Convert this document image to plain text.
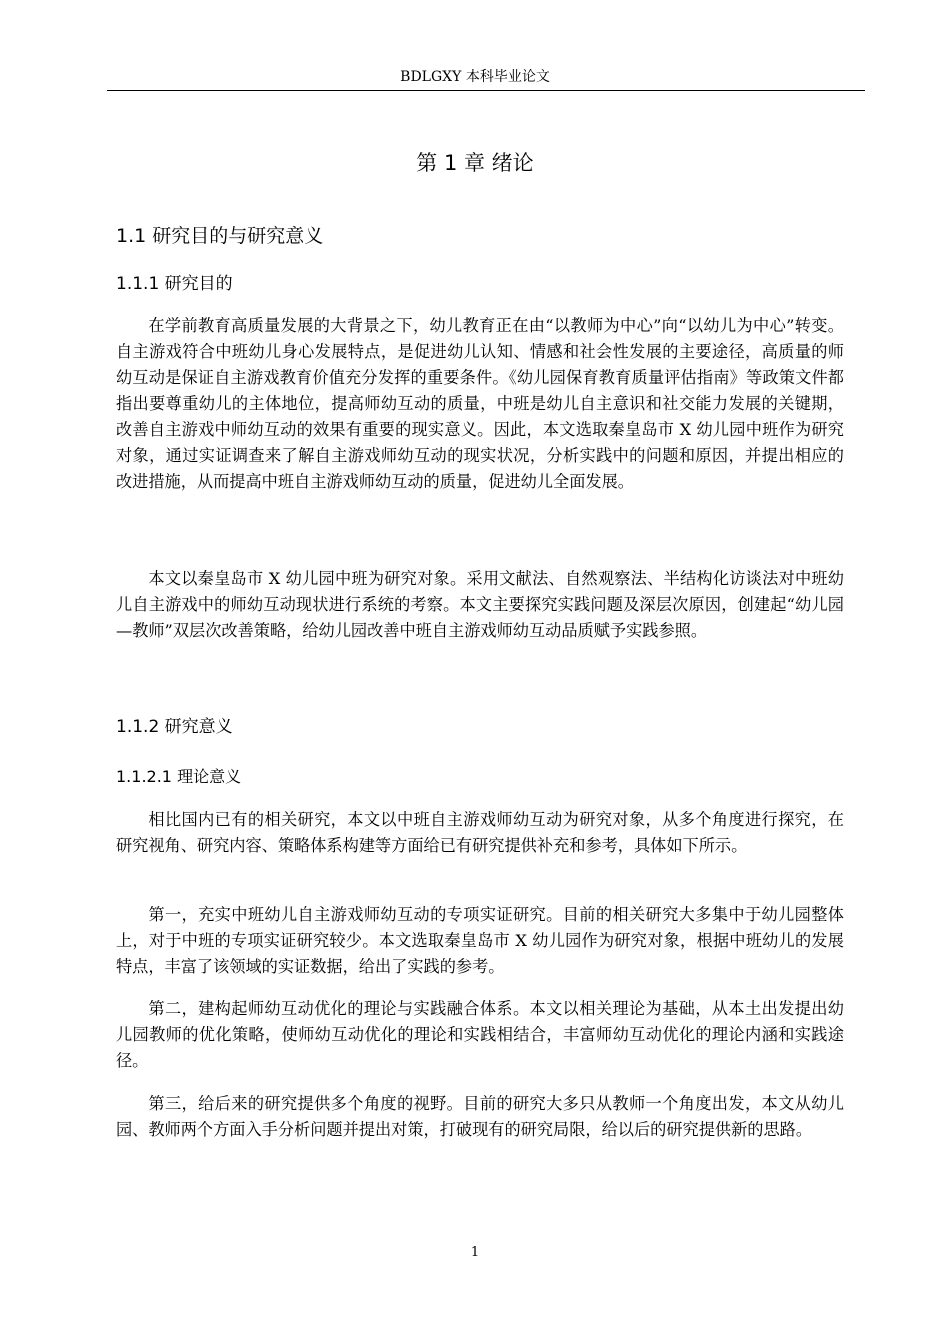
BDLGXY 本科毕业论文
第 1 章 绪论
1.1 研究目的与研究意义
1.1.1 研究目的

在学前教育高质量发展的大背景之下，幼儿教育正在由“以教师为中心”向“以幼儿为中心”转变。自主游戏符合中班幼儿身心发展特点，是促进幼儿认知、情感和社会性发展的主要途径，高质量的师幼互动是保证自主游戏教育价值充分发挥的重要条件。《幼儿园保育教育质量评估指南》等政策文件都指出要尊重幼儿的主体地位，提高师幼互动的质量，中班是幼儿自主意识和社交能力发展的关键期，改善自主游戏中师幼互动的效果有重要的现实意义。因此，本文选取秦皇岛市 X 幼儿园中班作为研究对象，通过实证调查来了解自主游戏师幼互动的现实状况，分析实践中的问题和原因，并提出相应的改进措施，从而提高中班自主游戏师幼互动的质量，促进幼儿全面发展。

本文以秦皇岛市 X 幼儿园中班为研究对象。采用文献法、自然观察法、半结构化访谈法对中班幼儿自主游戏中的师幼互动现状进行系统的考察。本文主要探究实践问题及深层次原因，创建起“幼儿园—教师”双层次改善策略，给幼儿园改善中班自主游戏师幼互动品质赋予实践参照。

1.1.2 研究意义
1.1.2.1 理论意义

相比国内已有的相关研究，本文以中班自主游戏师幼互动为研究对象，从多个角度进行探究，在研究视角、研究内容、策略体系构建等方面给已有研究提供补充和参考，具体如下所示。

第一，充实中班幼儿自主游戏师幼互动的专项实证研究。目前的相关研究大多集中于幼儿园整体上，对于中班的专项实证研究较少。本文选取秦皇岛市 X 幼儿园作为研究对象，根据中班幼儿的发展特点，丰富了该领域的实证数据，给出了实践的参考。

第二，建构起师幼互动优化的理论与实践融合体系。本文以相关理论为基础，从本土出发提出幼儿园教师的优化策略，使师幼互动优化的理论和实践相结合，丰富师幼互动优化的理论内涵和实践途径。

第三，给后来的研究提供多个角度的视野。目前的研究大多只从教师一个角度出发，本文从幼儿园、教师两个方面入手分析问题并提出对策，打破现有的研究局限，给以后的研究提供新的思路。

1
